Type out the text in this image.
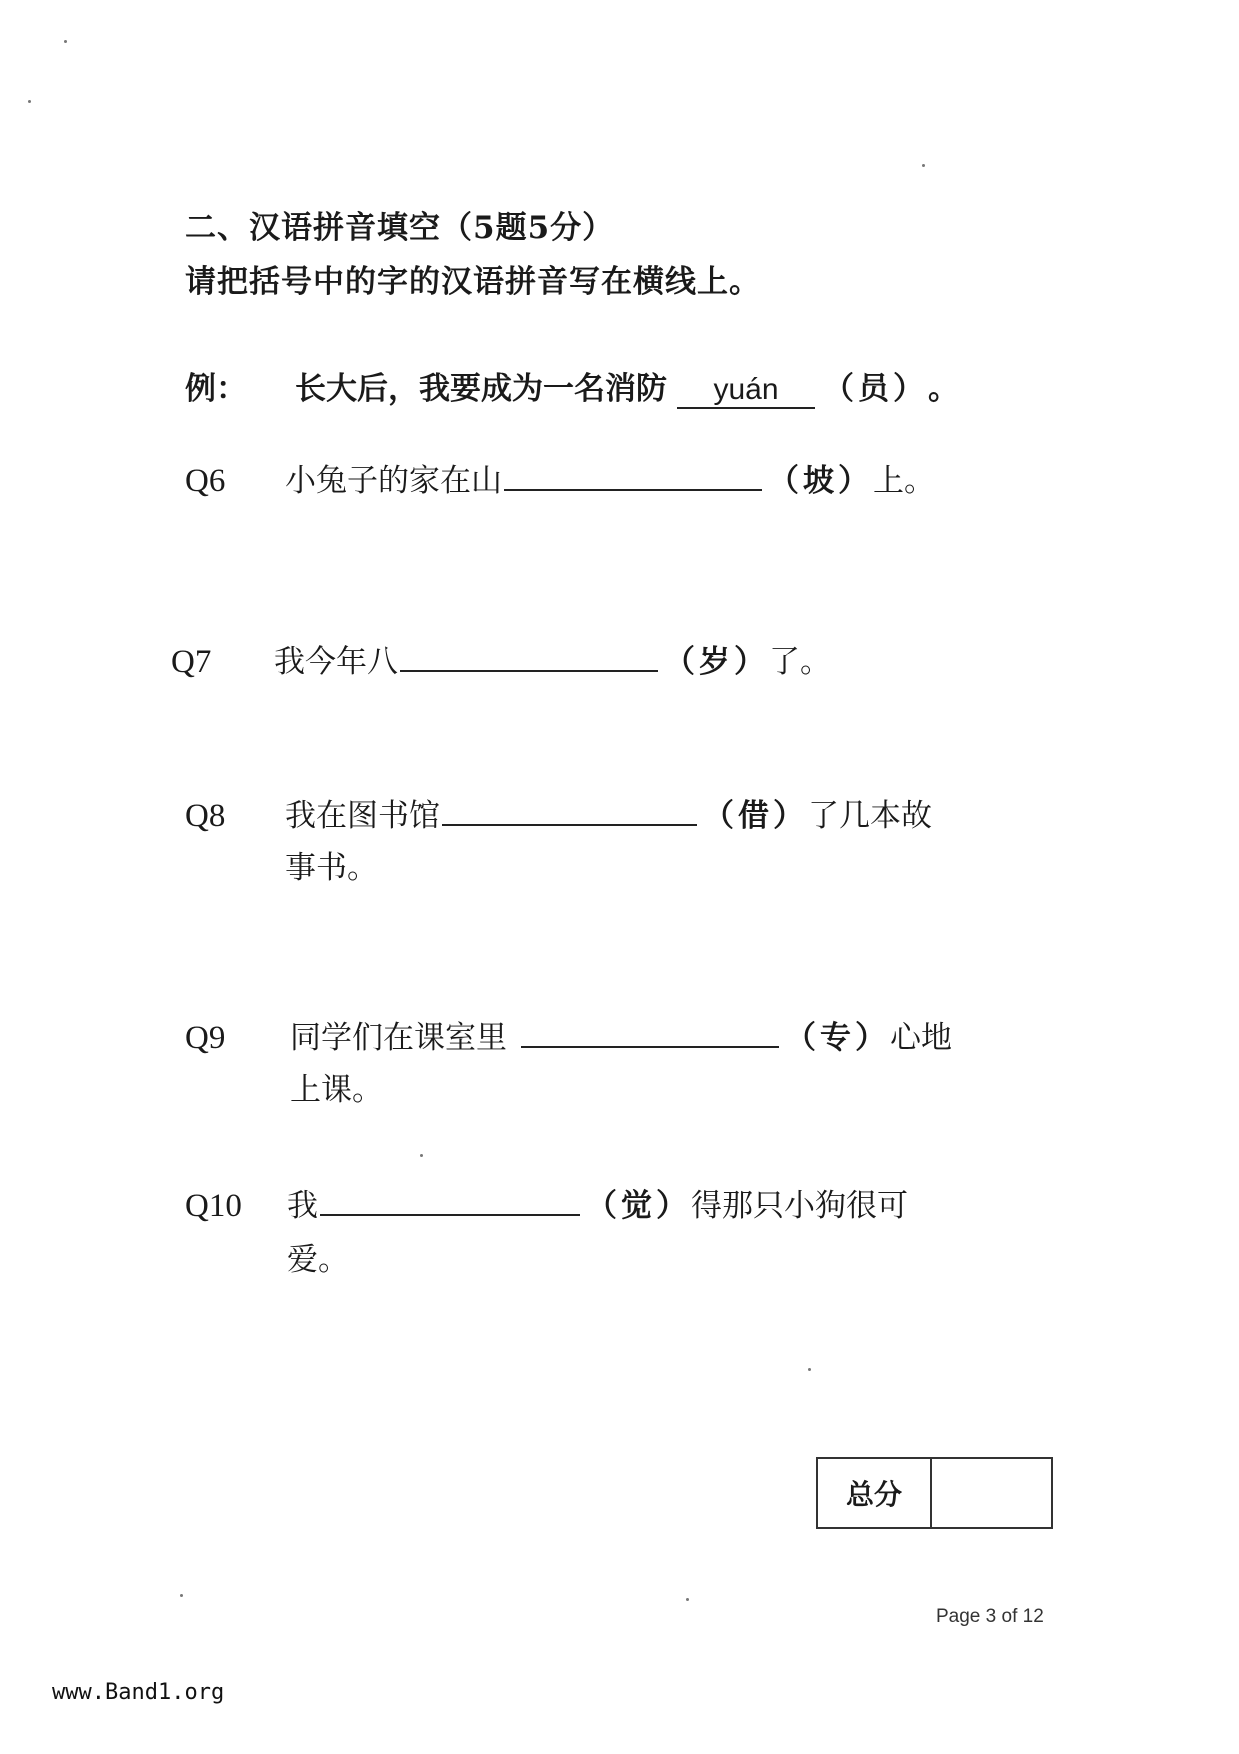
二、汉语拼音填空（5题5分）
请把括号中的字的汉语拼音写在横线上。
例：	长大后，我要成为一名消防	yuán	（员） 。
Q6	小兔子的家在山	（坡） 上。
Q7	我今年八	（岁） 了。
Q8	我在图书馆	（借） 了几本故
事书。
Q9	同学们在课室里	（专） 心地
上课。
Q10	我	（觉） 得那只小狗很可
爱。
总分
Page 3 of 12
www.Band1.org
